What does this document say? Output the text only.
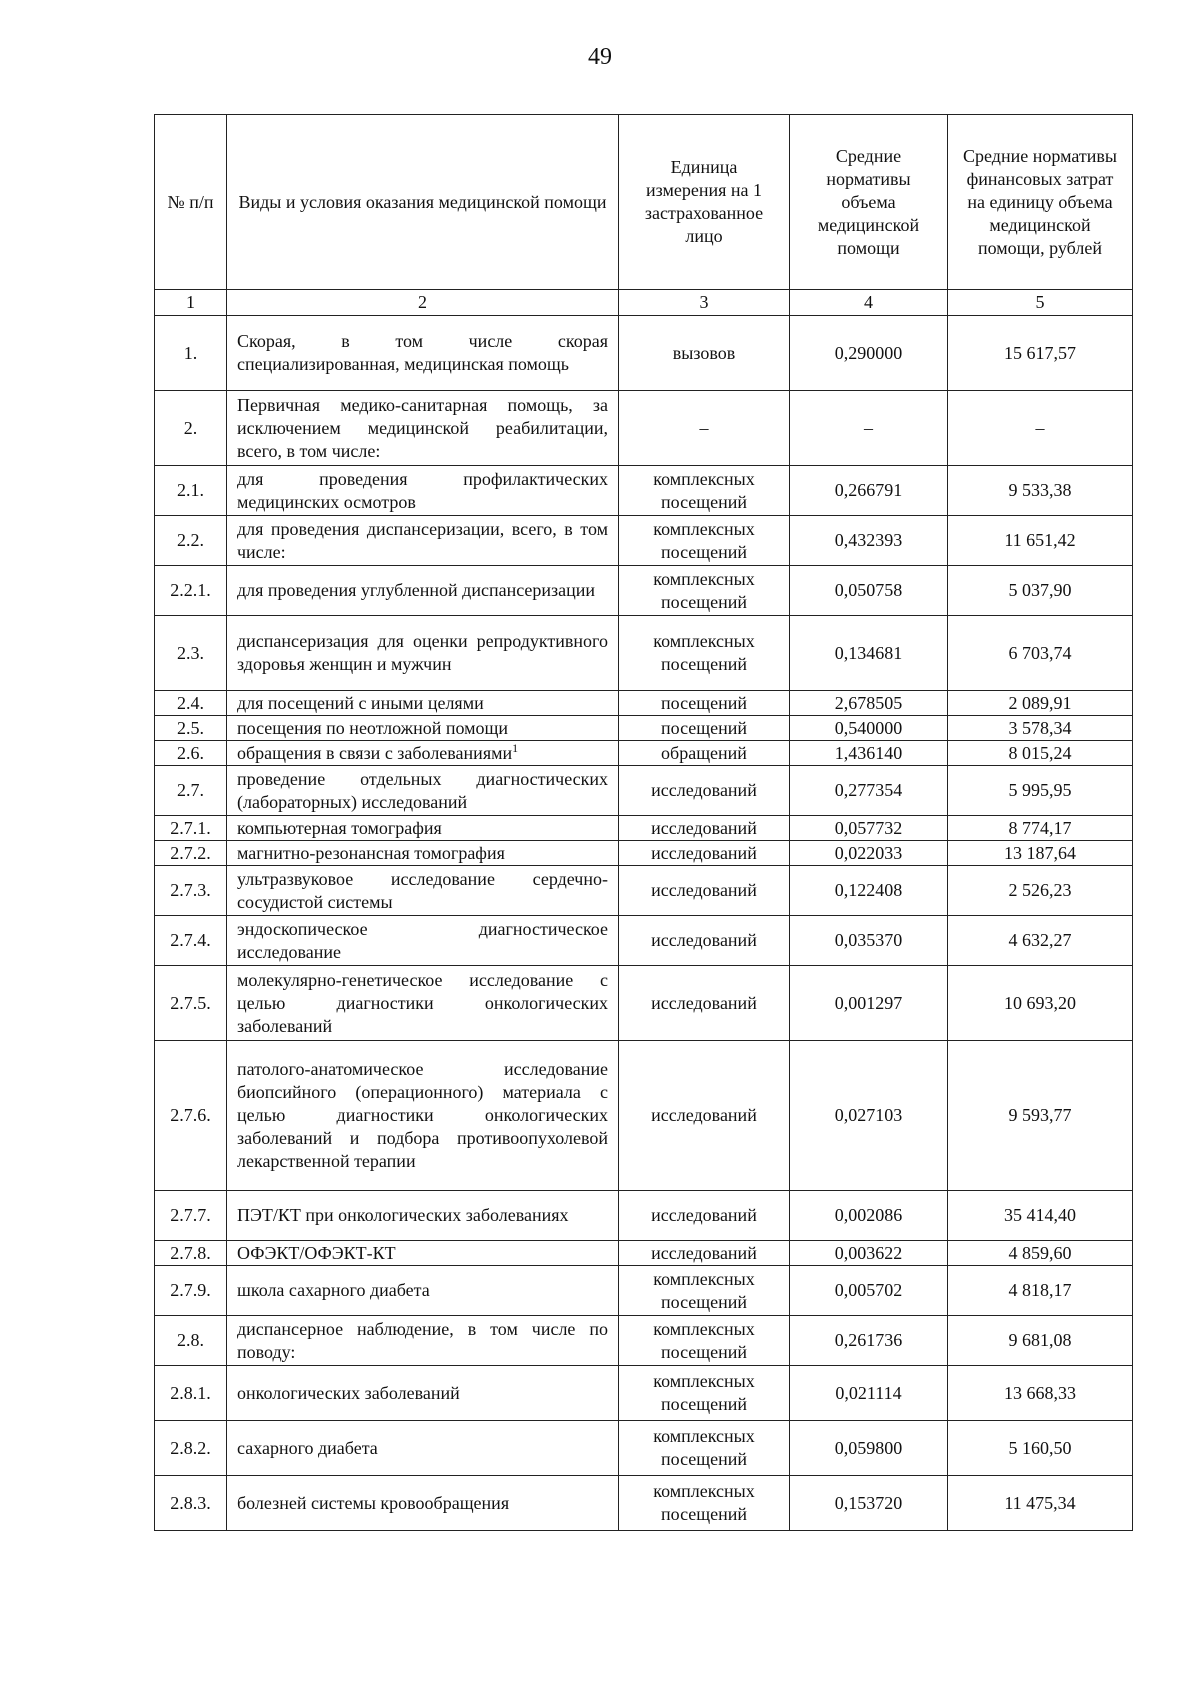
49
№ п/п	Виды и условия оказания медицинской помощи	Единица измерения на 1 застрахованное лицо	Средние нормативы объема медицинской помощи	Средние нормативы финансовых затрат на единицу объема медицинской помощи, рублей
1	2	3	4	5
1.	Скорая, в том числе скорая специализированная, медицинская помощь	вызовов	0,290000	15 617,57
2.	Первичная медико-санитарная помощь, за исключением медицинской реабилитации, всего, в том числе:	–	–	–
2.1.	для проведения профилактических медицинских осмотров	комплексных посещений	0,266791	9 533,38
2.2.	для проведения диспансеризации, всего, в том числе:	комплексных посещений	0,432393	11 651,42
2.2.1.	для проведения углубленной диспансеризации	комплексных посещений	0,050758	5 037,90
2.3.	диспансеризация для оценки репродуктивного здоровья женщин и мужчин	комплексных посещений	0,134681	6 703,74
2.4.	для посещений с иными целями	посещений	2,678505	2 089,91
2.5.	посещения по неотложной помощи	посещений	0,540000	3 578,34
2.6.	обращения в связи с заболеваниями$^1$	обращений	1,436140	8 015,24
2.7.	проведение отдельных диагностических (лабораторных) исследований	исследований	0,277354	5 995,95
2.7.1.	компьютерная томография	исследований	0,057732	8 774,17
2.7.2.	магнитно-резонансная томография	исследований	0,022033	13 187,64
2.7.3.	ультразвуковое исследование сердечно-сосудистой системы	исследований	0,122408	2 526,23
2.7.4.	эндоскопическое диагностическое исследование	исследований	0,035370	4 632,27
2.7.5.	молекулярно-генетическое исследование с целью диагностики онкологических заболеваний	исследований	0,001297	10 693,20
2.7.6.	патолого-анатомическое исследование биопсийного (операционного) материала с целью диагностики онкологических заболеваний и подбора противоопухолевой лекарственной терапии	исследований	0,027103	9 593,77
2.7.7.	ПЭТ/КТ при онкологических заболеваниях	исследований	0,002086	35 414,40
2.7.8.	ОФЭКТ/ОФЭКТ-КТ	исследований	0,003622	4 859,60
2.7.9.	школа сахарного диабета	комплексных посещений	0,005702	4 818,17
2.8.	диспансерное наблюдение, в том числе по поводу:	комплексных посещений	0,261736	9 681,08
2.8.1.	онкологических заболеваний	комплексных посещений	0,021114	13 668,33
2.8.2.	сахарного диабета	комплексных посещений	0,059800	5 160,50
2.8.3.	болезней системы кровообращения	комплексных посещений	0,153720	11 475,34
